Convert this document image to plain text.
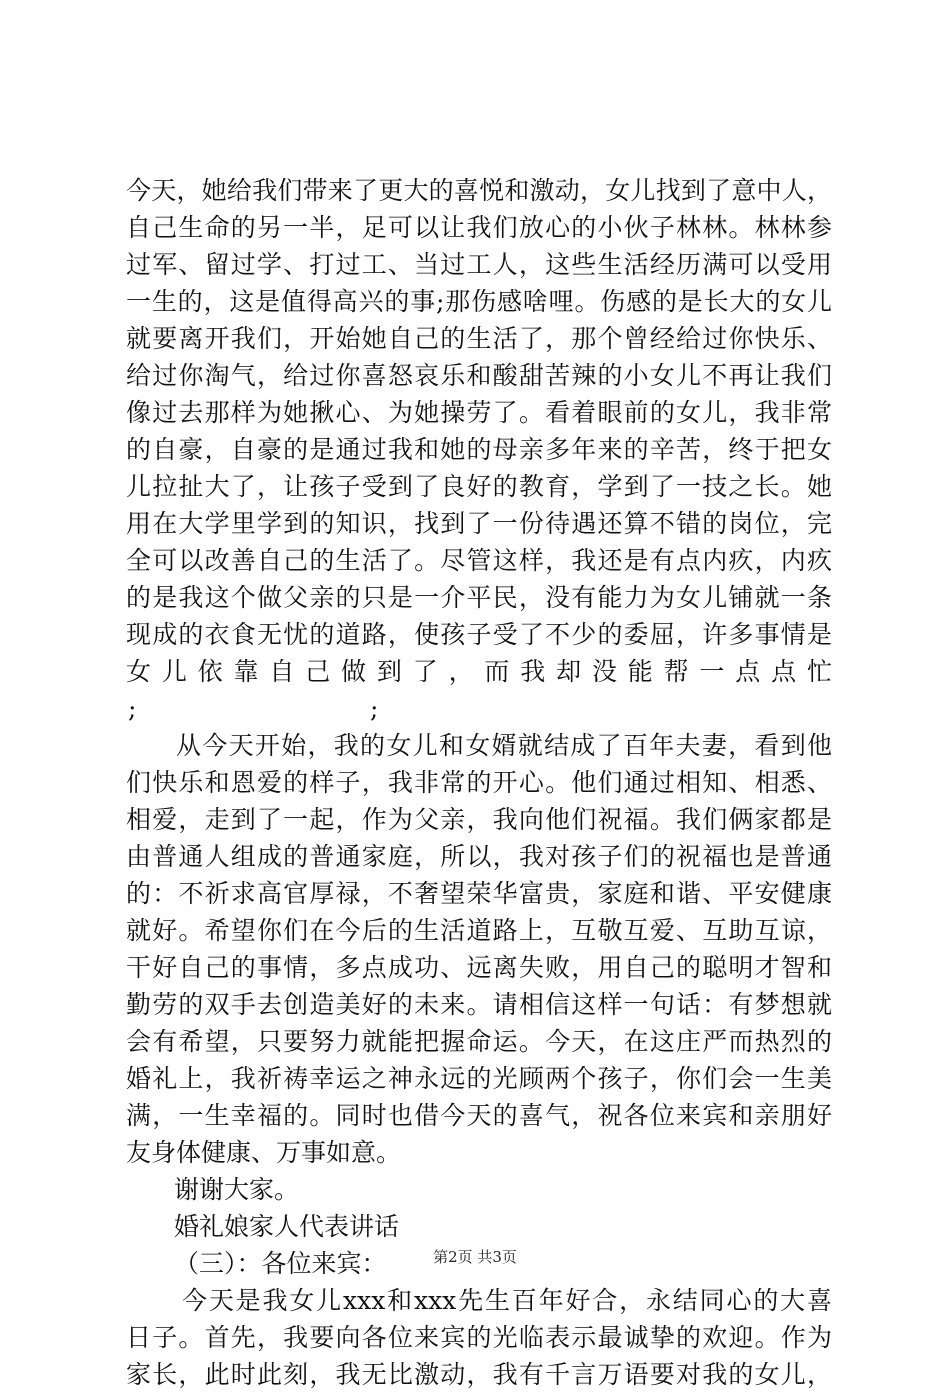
今天，她给我们带来了更大的喜悦和激动，女儿找到了意中人，
自己生命的另一半，足可以让我们放心的小伙子林林。林林参
过军、留过学、打过工、当过工人，这些生活经历满可以受用
一生的，这是值得高兴的事;那伤感啥哩。伤感的是长大的女儿
就要离开我们，开始她自己的生活了，那个曾经给过你快乐、
给过你淘气，给过你喜怒哀乐和酸甜苦辣的小女儿不再让我们
像过去那样为她揪心、为她操劳了。看着眼前的女儿，我非常
的自豪，自豪的是通过我和她的母亲多年来的辛苦，终于把女
儿拉扯大了，让孩子受到了良好的教育，学到了一技之长。她
用在大学里学到的知识，找到了一份待遇还算不错的岗位，完
全可以改善自己的生活了。尽管这样，我还是有点内疚，内疚
的是我这个做父亲的只是一介平民，没有能力为女儿铺就一条
现成的衣食无忧的道路，使孩子受了不少的委屈，许多事情是
女儿依靠自己做到了，而我却没能帮一点点忙
;	;
从今天开始，我的女儿和女婿就结成了百年夫妻，看到他
们快乐和恩爱的样子，我非常的开心。他们通过相知、相悉、
相爱，走到了一起，作为父亲，我向他们祝福。我们俩家都是
由普通人组成的普通家庭，所以，我对孩子们的祝福也是普通
的：不祈求高官厚禄，不奢望荣华富贵，家庭和谐、平安健康
就好。希望你们在今后的生活道路上，互敬互爱、互助互谅，
干好自己的事情，多点成功、远离失败，用自己的聪明才智和
勤劳的双手去创造美好的未来。请相信这样一句话：有梦想就
会有希望，只要努力就能把握命运。今天，在这庄严而热烈的
婚礼上，我祈祷幸运之神永远的光顾两个孩子，你们会一生美
满，一生幸福的。同时也借今天的喜气，祝各位来宾和亲朋好
友身体健康、万事如意。
谢谢大家。
婚礼娘家人代表讲话
（三）：各位来宾：
今天是我女儿xxx和xxx先生百年好合，永结同心的大喜
日子。首先，我要向各位来宾的光临表示最诚挚的欢迎。作为
家长，此时此刻，我无比激动，我有千言万语要对我的女儿，
第2页 共3页
